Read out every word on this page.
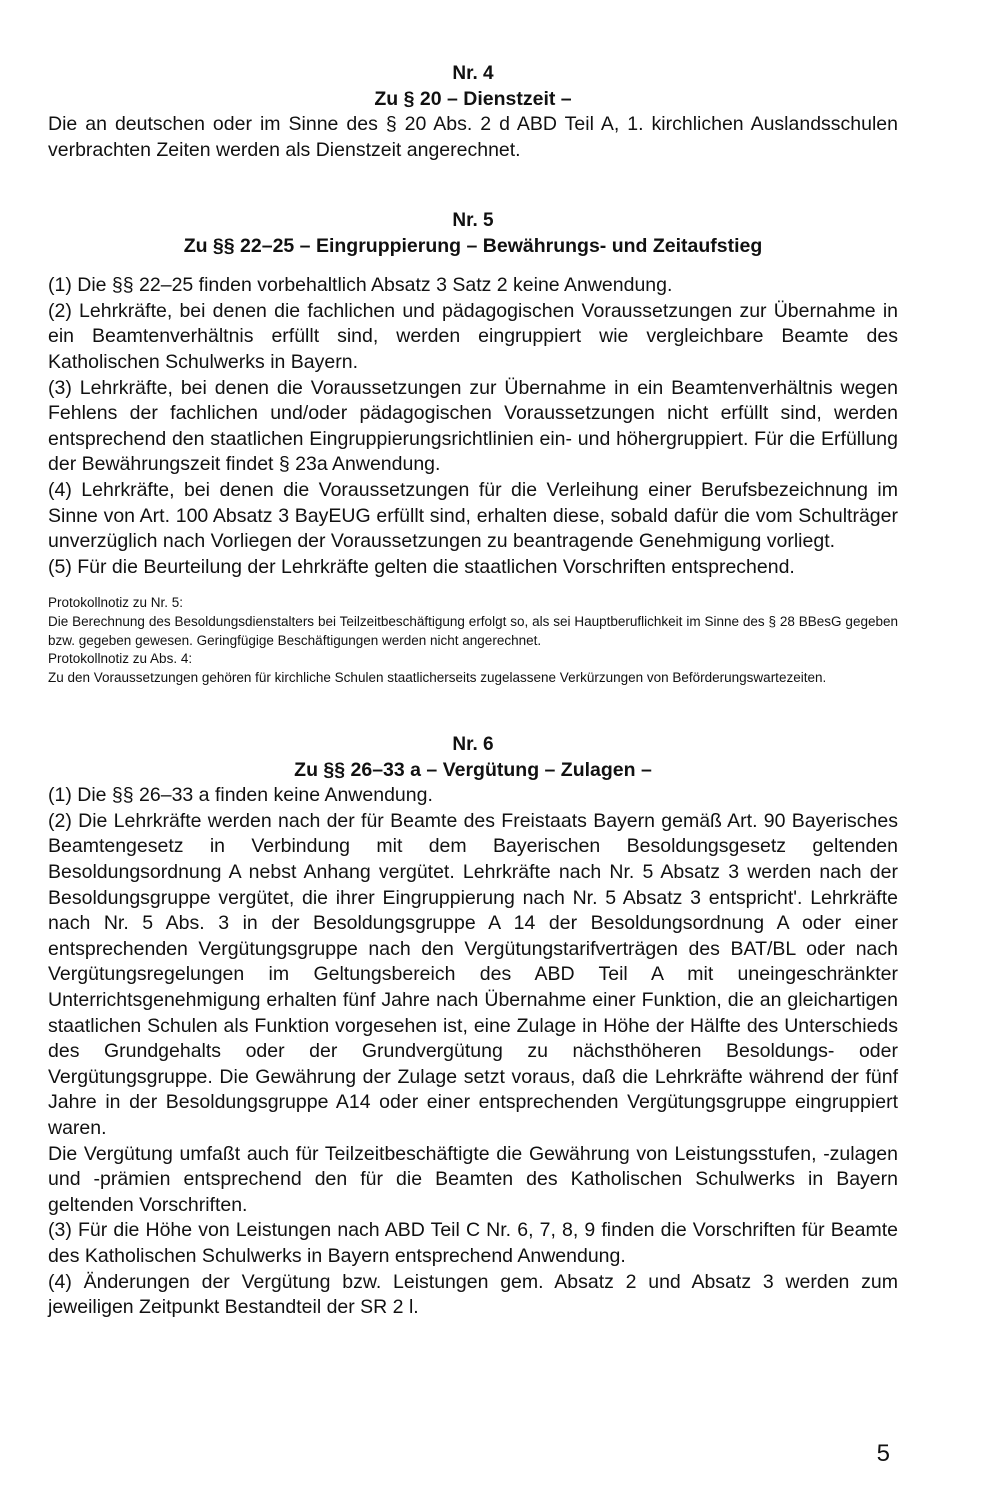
Nr. 4

Zu § 20 – Dienstzeit –

Die an deutschen oder im Sinne des § 20 Abs. 2 d ABD Teil A, 1. kirchlichen Auslandsschulen verbrachten Zeiten werden als Dienstzeit angerechnet.

Nr. 5

Zu §§ 22–25 – Eingruppierung – Bewährungs- und Zeitaufstieg

(1) Die §§ 22–25 finden vorbehaltlich Absatz 3 Satz 2 keine Anwendung.

(2) Lehrkräfte, bei denen die fachlichen und pädagogischen Voraussetzungen zur Übernahme in ein Beamtenverhältnis erfüllt sind, werden eingruppiert wie vergleichbare Beamte des Katholischen Schulwerks in Bayern.

(3) Lehrkräfte, bei denen die Voraussetzungen zur Übernahme in ein Beamtenverhältnis wegen Fehlens der fachlichen und/oder pädagogischen Voraussetzungen nicht erfüllt sind, werden entsprechend den staatlichen Eingruppierungsrichtlinien ein- und höhergruppiert. Für die Erfüllung der Bewährungszeit findet § 23a Anwendung.

(4) Lehrkräfte, bei denen die Voraussetzungen für die Verleihung einer Berufsbezeichnung im Sinne von Art. 100 Absatz 3 BayEUG erfüllt sind, erhalten diese, sobald dafür die vom Schulträger unverzüglich nach Vorliegen der Voraussetzungen zu beantragende Genehmigung vorliegt.

(5) Für die Beurteilung der Lehrkräfte gelten die staatlichen Vorschriften entsprechend.

Protokollnotiz zu Nr. 5:

Die Berechnung des Besoldungsdienstalters bei Teilzeitbeschäftigung erfolgt so, als sei Hauptberuflichkeit im Sinne des § 28 BBesG gegeben bzw. gegeben gewesen. Geringfügige Beschäftigungen werden nicht angerechnet.

Protokollnotiz zu Abs. 4:

Zu den Voraussetzungen gehören für kirchliche Schulen staatlicherseits zugelassene Verkürzungen von Beförderungswartezeiten.

Nr. 6

Zu §§ 26–33 a – Vergütung – Zulagen –

(1) Die §§ 26–33 a finden keine Anwendung.

(2) Die Lehrkräfte werden nach der für Beamte des Freistaats Bayern gemäß Art. 90 Bayerisches Beamtengesetz in Verbindung mit dem Bayerischen Besoldungsgesetz geltenden Besoldungsordnung A nebst Anhang vergütet. Lehrkräfte nach Nr. 5 Absatz 3 werden nach der Besoldungsgruppe vergütet, die ihrer Eingruppierung nach Nr. 5 Absatz 3 entspricht'. Lehrkräfte nach Nr. 5 Abs. 3 in der Besoldungsgruppe A 14 der Besoldungsordnung A oder einer entsprechenden Vergütungsgruppe nach den Vergütungstarifverträgen des BAT/BL oder nach Vergütungsregelungen im Geltungsbereich des ABD Teil A mit uneingeschränkter Unterrichtsgenehmigung erhalten fünf Jahre nach Übernahme einer Funktion, die an gleichartigen staatlichen Schulen als Funktion vorgesehen ist, eine Zulage in Höhe der Hälfte des Unterschieds des Grundgehalts oder der Grundvergütung zu nächsthöheren Besoldungs- oder Vergütungsgruppe. Die Gewährung der Zulage setzt voraus, daß die Lehrkräfte während der fünf Jahre in der Besoldungsgruppe A14 oder einer entsprechenden Vergütungsgruppe eingruppiert waren.

Die Vergütung umfaßt auch für Teilzeitbeschäftigte die Gewährung von Leistungsstufen, -zulagen und -prämien entsprechend den für die Beamten des Katholischen Schulwerks in Bayern geltenden Vorschriften.

(3) Für die Höhe von Leistungen nach ABD Teil C Nr. 6, 7, 8, 9 finden die Vorschriften für Beamte des Katholischen Schulwerks in Bayern entsprechend Anwendung.

(4) Änderungen der Vergütung bzw. Leistungen gem. Absatz 2 und Absatz 3 werden zum jeweiligen Zeitpunkt Bestandteil der SR 2 l.

5
